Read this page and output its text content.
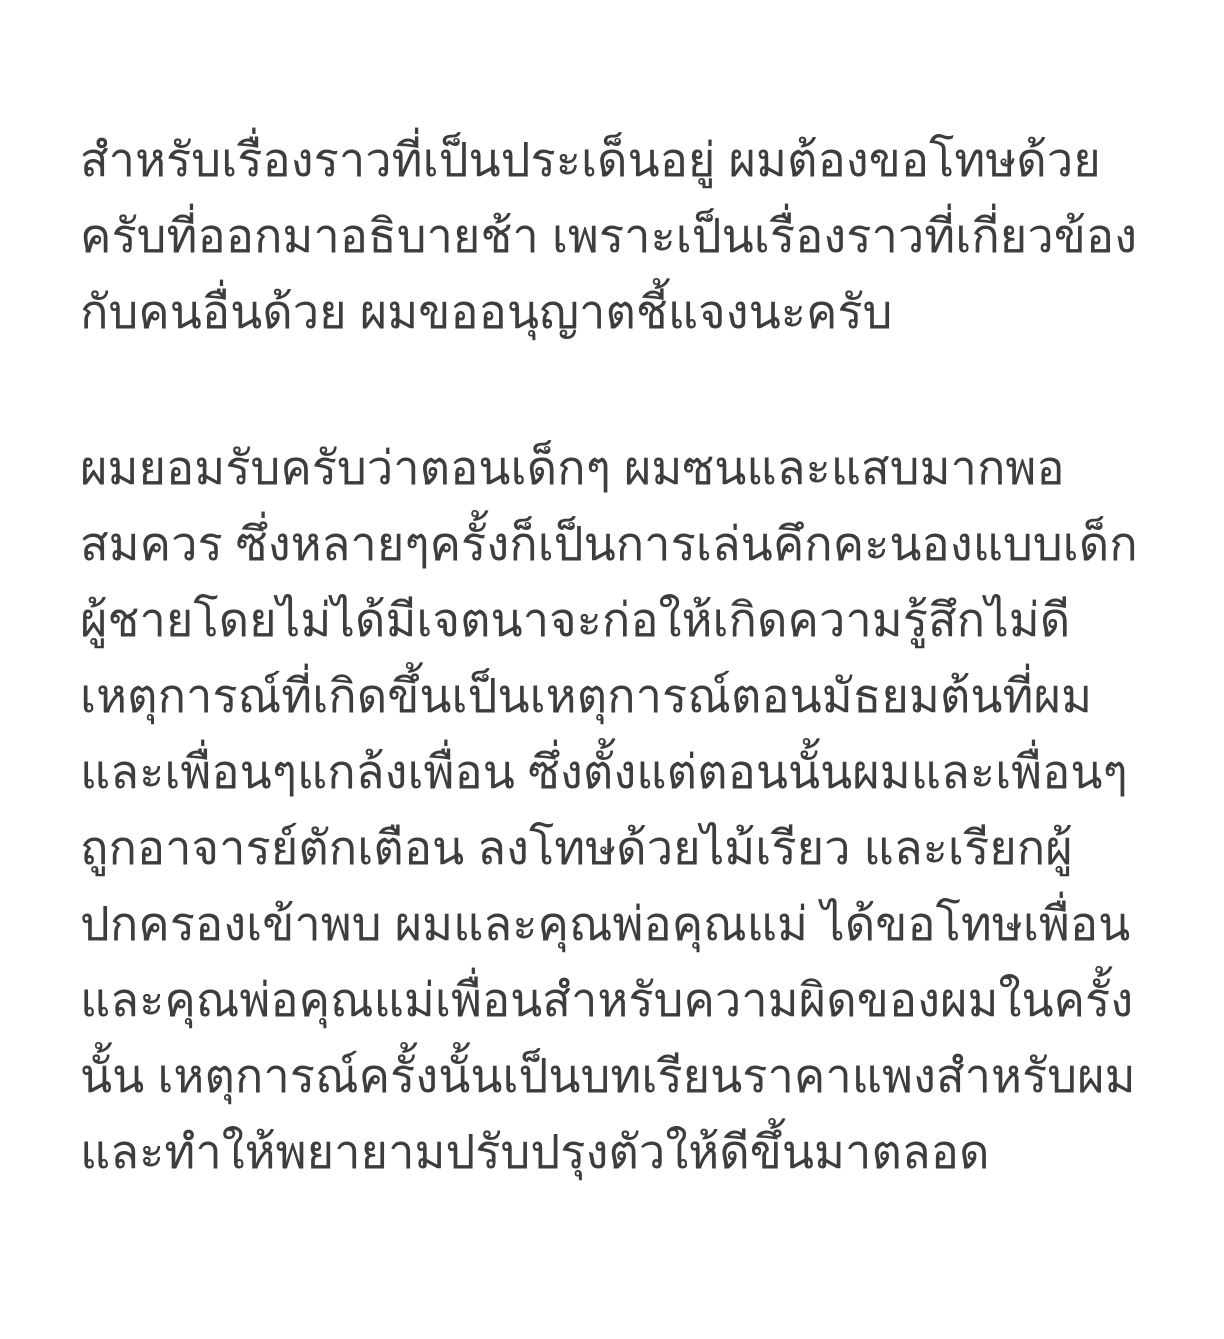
สำหรับเรื่องราวที่เป็นประเด็นอยู่ ผมต้องขอโทษด้วย
ครับที่ออกมาอธิบายช้า เพราะเป็นเรื่องราวที่เกี่ยวข้อง
กับคนอื่นด้วย ผมขออนุญาตชี้แจงนะครับ
ผมยอมรับครับว่าตอนเด็กๆ ผมซนและแสบมากพอ
สมควร ซึ่งหลายๆครั้งก็เป็นการเล่นคึกคะนองแบบเด็ก
ผู้ชายโดยไม่ได้มีเจตนาจะก่อให้เกิดความรู้สึกไม่ดี
เหตุการณ์ที่เกิดขึ้นเป็นเหตุการณ์ตอนมัธยมต้นที่ผม
และเพื่อนๆแกล้งเพื่อน ซึ่งตั้งแต่ตอนนั้นผมและเพื่อนๆ
ถูกอาจารย์ตักเตือน ลงโทษด้วยไม้เรียว และเรียกผู้
ปกครองเข้าพบ ผมและคุณพ่อคุณแม่ ได้ขอโทษเพื่อน
และคุณพ่อคุณแม่เพื่อนสำหรับความผิดของผมในครั้ง
นั้น เหตุการณ์ครั้งนั้นเป็นบทเรียนราคาแพงสำหรับผม
และทำให้พยายามปรับปรุงตัวให้ดีขึ้นมาตลอด
